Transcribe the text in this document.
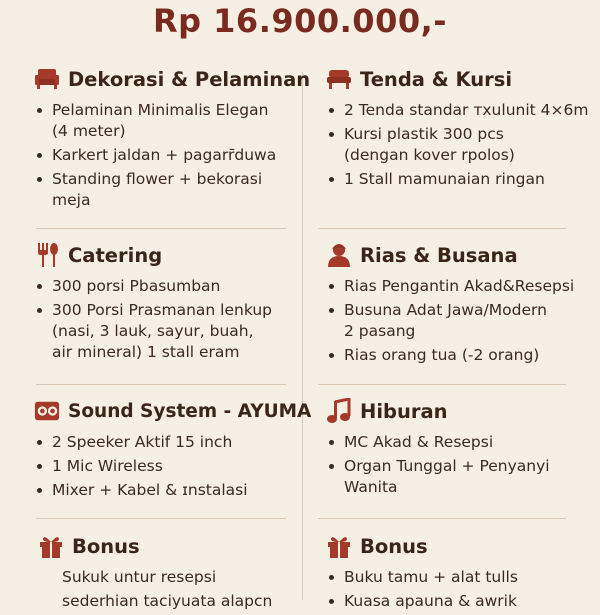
Rp 16.900.000,-
Dekorasi & Pelaminan
Pelaminan Minimalis Elegan
(4 meter)
Karkert jaldan + pagarr̄duwa
Standing flower + bekorasi
meja
Tenda & Kursi
2 Tenda standar ᴛxulunit 4×6m
Kursi plastik 300 pcs
(dengan kover rpolos)
1 Stall mamunaian ringan
Catering
300 porsi Pbasumban
300 Porsi Prasmanan lenkup
(nasi, 3 lauk, sayur, buah,
air mineral) 1 stall eram
Rias & Busana
Rias Pengantin Akad&Resepsi
Busuna Adat Jawa/Modern
2 pasang
Rias orang tua (-2 orang)
Sound System - AYUMA
2 Speeker Aktif 15 inch
1 Mic Wireless
Mixer + Kabel & ɪnstalasi
Hiburan
MC Akad & Resepsi
Organ Tunggal + Penyanyi
Wanita
Bonus
Sukuk untur resepsi
sederhian taciyuata alapcn
Bonus
Buku tamu + alat tulls
Kuasa apauna & awrik
